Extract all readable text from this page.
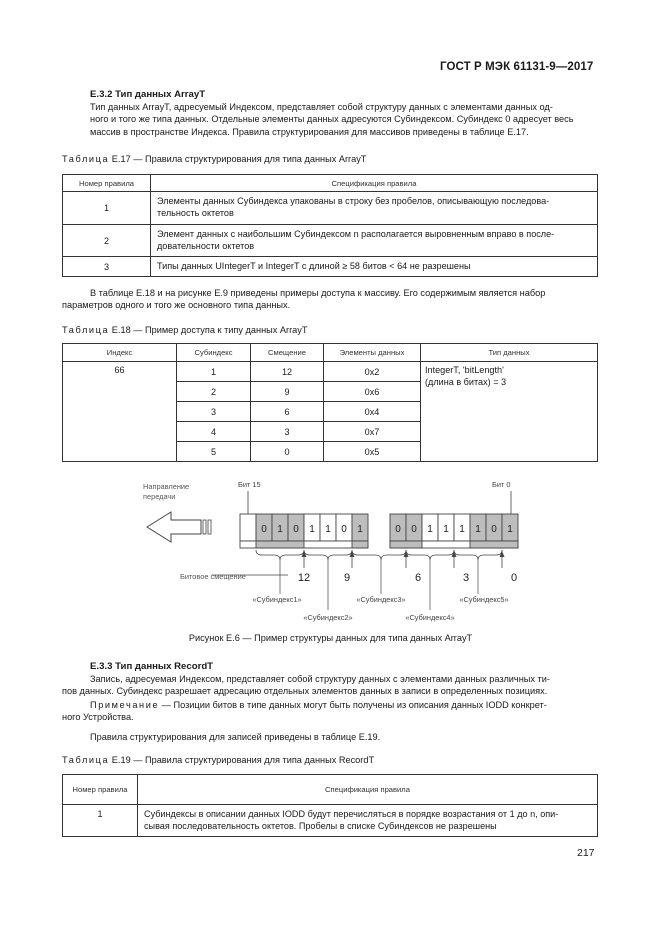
ГОСТ Р МЭК 61131-9—2017
Е.3.2 Тип данных ArrayT
Тип данных ArrayT, адресуемый Индексом, представляет собой структуру данных с элементами данных од-
ного и того же типа данных. Отдельные элементы данных адресуются Субиндексом. Субиндекс 0 адресует весь
массив в пространстве Индекса. Правила структурирования для массивов приведены в таблице Е.17.
Таблица Е.17 — Правила структурирования для типа данных ArrayT
Номер правила	Спецификация правила
1	Элементы данных Субиндекса упакованы в строку без пробелов, описывающую последова-
тельность октетов

2	Элемент данных с наибольшим Субиндексом n располагается выровненным вправо в после-
довательности октетов

3	Типы данных UIntegerT и IntegerT с длиной ≥ 58 битов < 64 не разрешены
В таблице Е.18 и на рисунке Е.9 приведены примеры доступа к массиву. Его содержимым является набор
параметров одного и того же основного типа данных.
Таблица Е.18 — Пример доступа к типу данных ArrayT
Индекс	Субиндекс	Смещение	Элементы данных	Тип данных
66	1	12	0x2	IntegerT, 'bitLength'
(длина в битах) = 3

	2	9	0x6	
	3	6	0x4	
	4	3	0x7	
	5	0	0x5	
Направление
передачи
Бит 15	Бит 0
0 1 0 1 1 0 1	0 0 1 1 1 1 0 1
Битовое смещение	12	9	6	3	0
«Субиндекс1»
«Субиндекс2»
«Субиндекс3»
«Субиндекс4»
«Субиндекс5»
Рисунок Е.6 — Пример структуры данных для типа данных ArrayT
Е.3.3 Тип данных RecordT
Запись, адресуемая Индексом, представляет собой структуру данных с элементами данных различных ти-
пов данных. Субиндекс разрешает адресацию отдельных элементов данных в записи в определенных позициях.
Примечание — Позиции битов в типе данных могут быть получены из описания данных IODD конкрет-
ного Устройства.
Правила структурирования для записей приведены в таблице Е.19.
Таблица Е.19 — Правила структурирования для типа данных RecordT
Номер правила	Спецификация правила
1	Субиндексы в описании данных IODD будут перечисляться в порядке возрастания от 1 до n, опи-
сывая последовательность октетов. Пробелы в списке Субиндексов не разрешены
217
